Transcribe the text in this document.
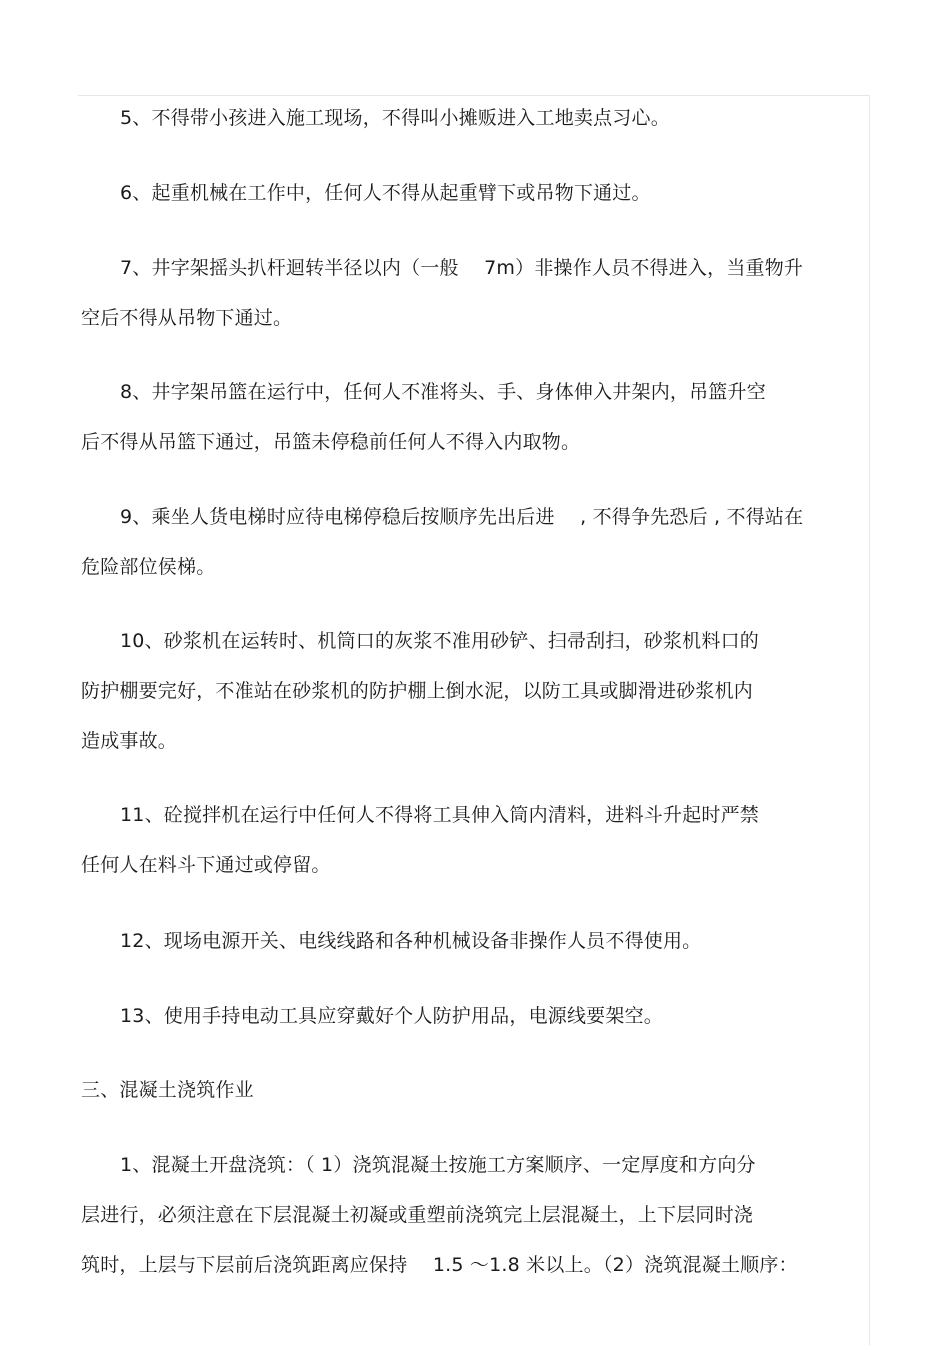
5、不得带小孩进入施工现场，不得叫小摊贩进入工地卖点习心。
6、起重机械在工作中，任何人不得从起重臂下或吊物下通过。
7、井字架摇头扒杆迴转半径以内（一般　 7m）非操作人员不得进入，当重物升
空后不得从吊物下通过。
8、井字架吊篮在运行中，任何人不准将头、手、身体伸入井架内，吊篮升空
后不得从吊篮下通过，吊篮未停稳前任何人不得入内取物。
9、乘坐人货电梯时应待电梯停稳后按顺序先出后进　 , 不得争先恐后 , 不得站在
危险部位侯梯。
10、砂浆机在运转时、机筒口的灰浆不准用砂铲、扫帚刮扫，砂浆机料口的
防护棚要完好，不准站在砂浆机的防护棚上倒水泥，以防工具或脚滑进砂浆机内
造成事故。
11、砼搅拌机在运行中任何人不得将工具伸入筒内清料，进料斗升起时严禁
任何人在料斗下通过或停留。
12、现场电源开关、电线线路和各种机械设备非操作人员不得使用。
13、使用手持电动工具应穿戴好个人防护用品，电源线要架空。
三、混凝土浇筑作业
1、混凝土开盘浇筑：（ 1）浇筑混凝土按施工方案顺序、一定厚度和方向分
层进行，必须注意在下层混凝土初凝或重塑前浇筑完上层混凝土，上下层同时浇
筑时，上层与下层前后浇筑距离应保持　 1.5 ～1.8 米以上。（2）浇筑混凝土顺序：
